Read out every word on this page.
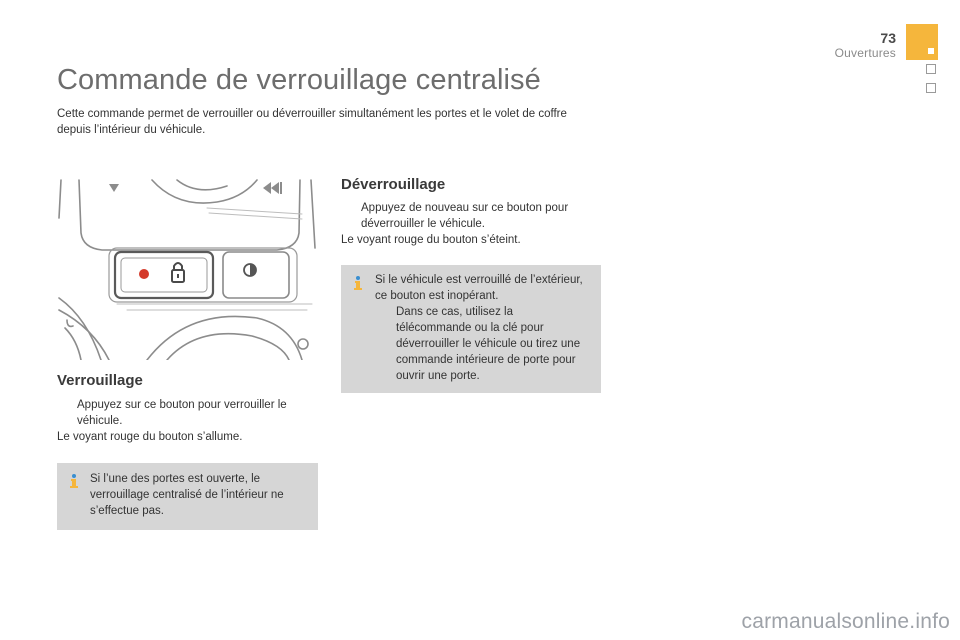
73
Ouvertures
Commande de verrouillage centralisé
Cette commande permet de verrouiller ou déverrouiller simultanément les portes et le volet de coffre depuis l’intérieur du véhicule.
Verrouillage
Appuyez sur ce bouton pour verrouiller le véhicule.
Le voyant rouge du bouton s’allume.
Si l’une des portes est ouverte, le verrouillage centralisé de l’intérieur ne s’effectue pas.
Déverrouillage
Appuyez de nouveau sur ce bouton pour déverrouiller le véhicule.
Le voyant rouge du bouton s’éteint.
Si le véhicule est verrouillé de l’extérieur, ce bouton est inopérant.
Dans ce cas, utilisez la télécommande ou la clé pour déverrouiller le véhicule ou tirez une commande intérieure de porte pour ouvrir une porte.
carmanualsonline.info
